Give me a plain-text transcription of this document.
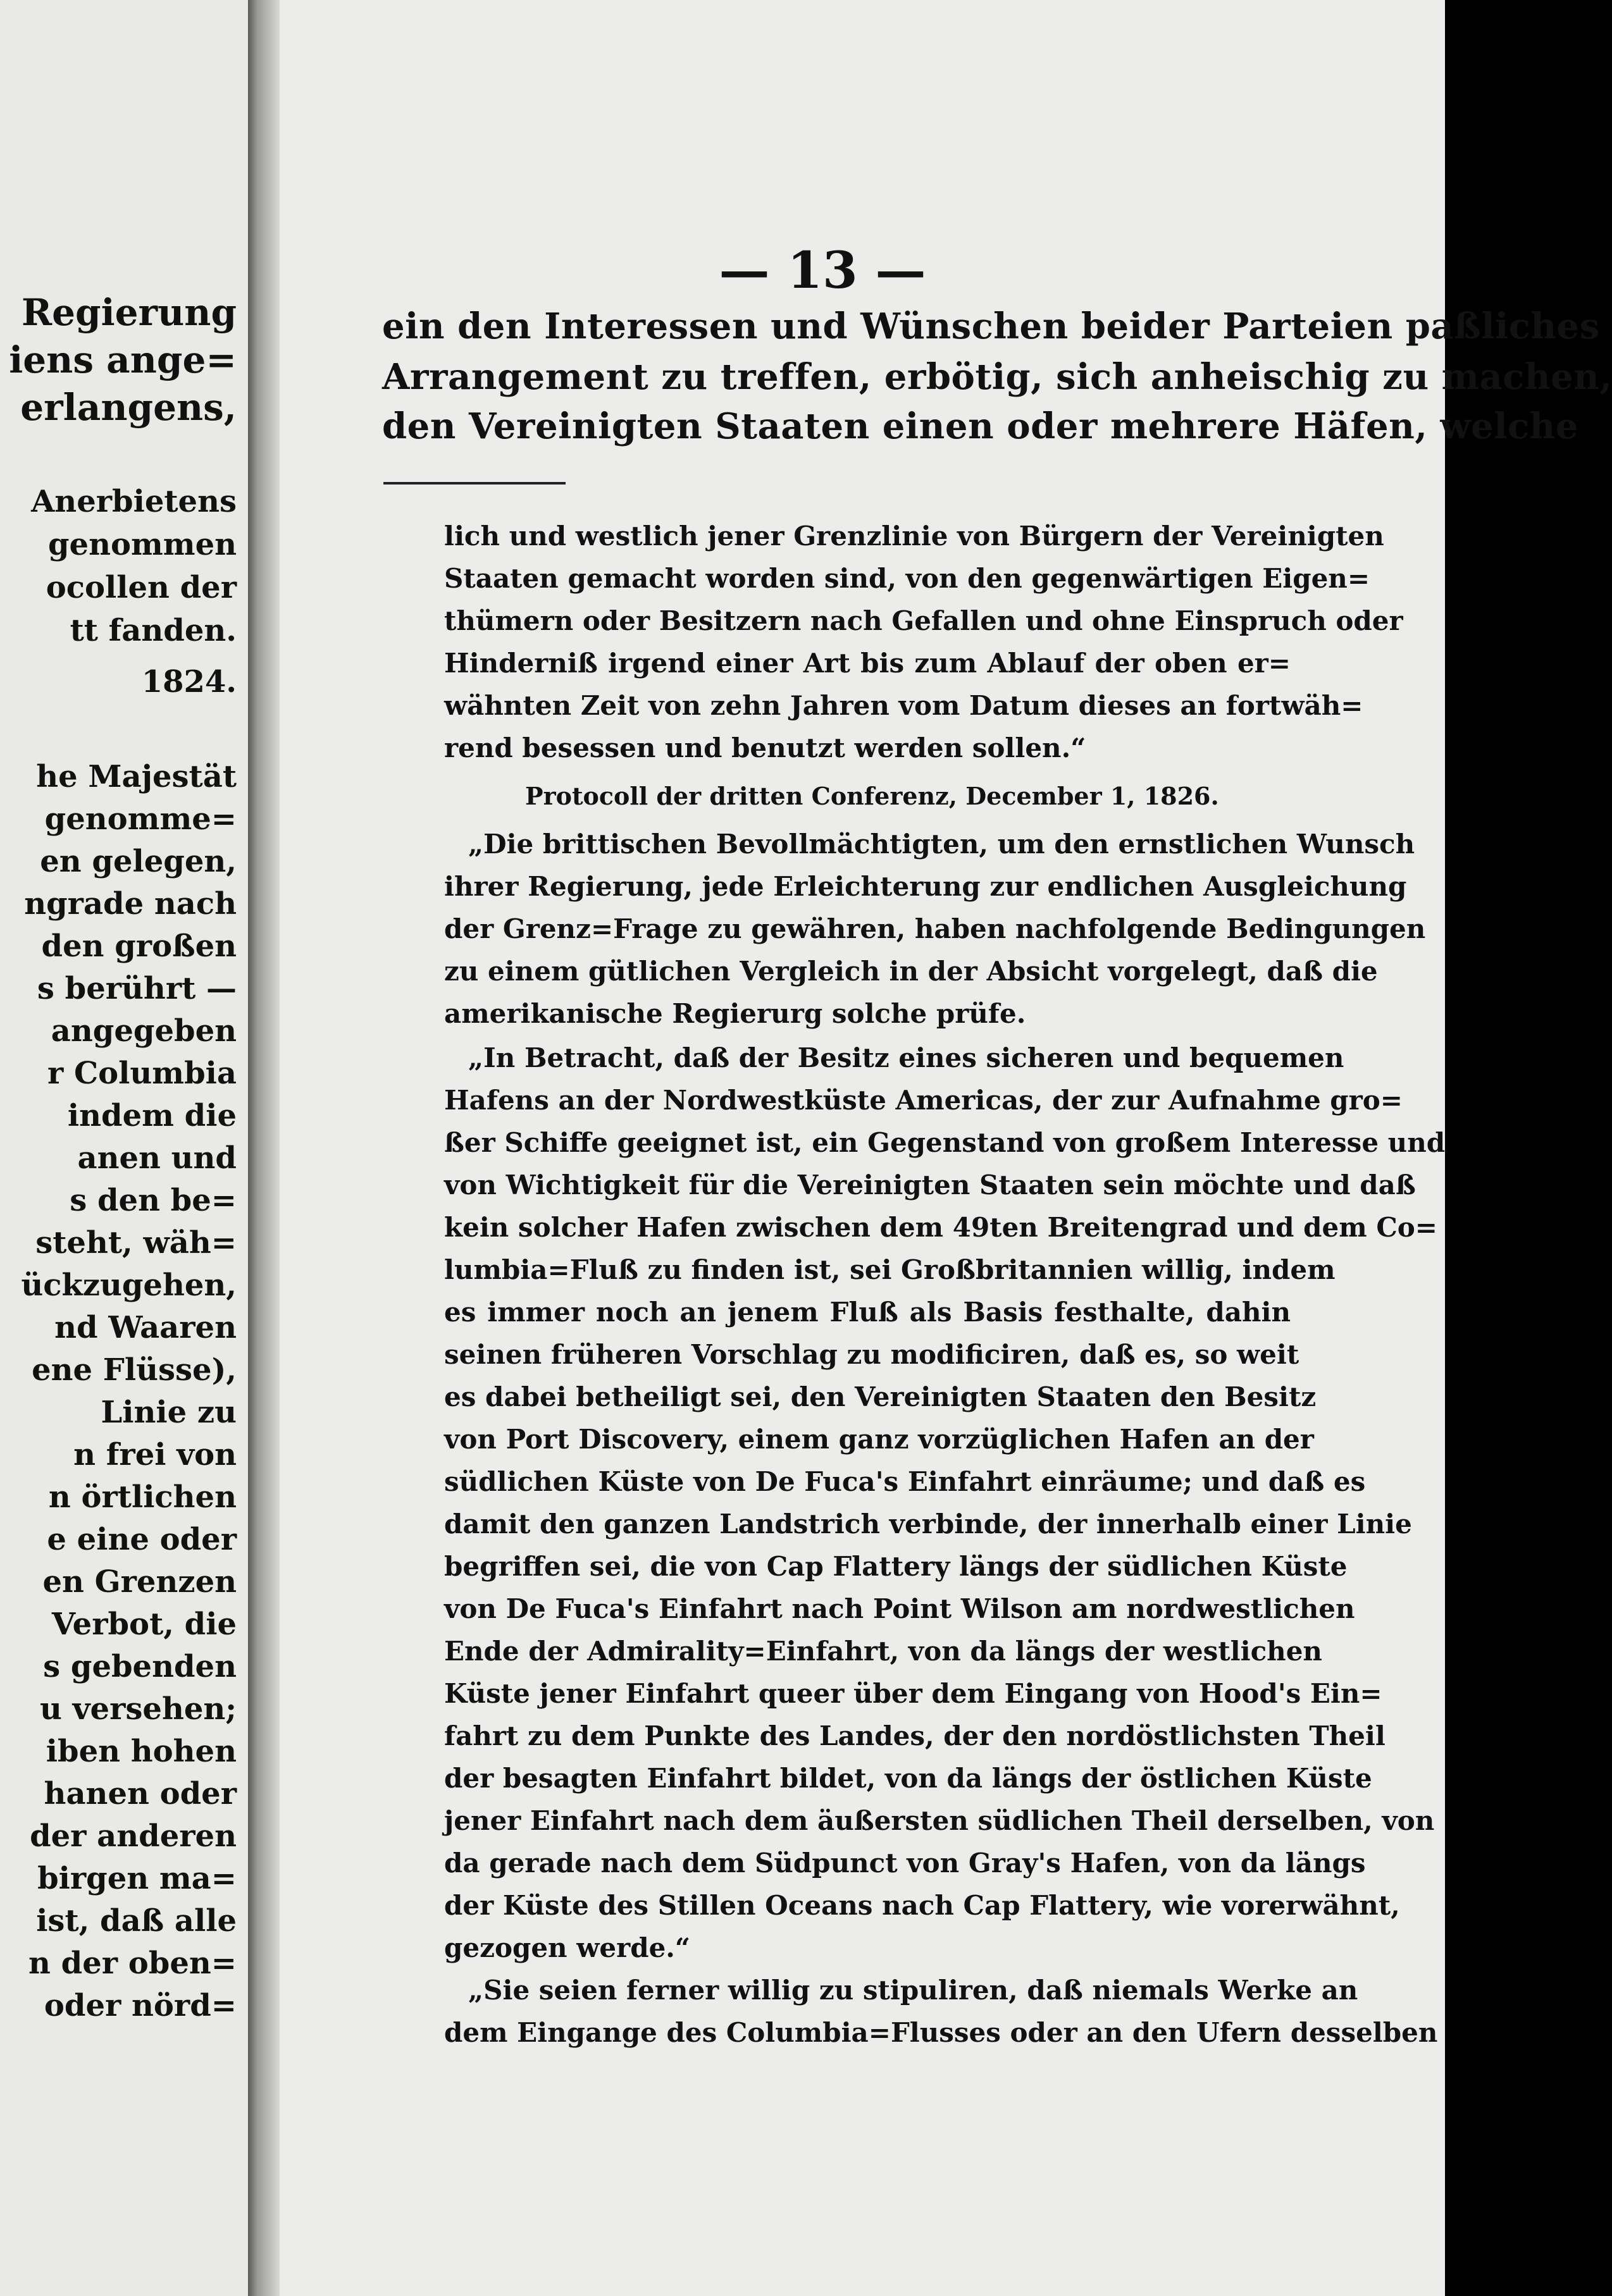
Regierung
iens ange=
erlangens,
Anerbietens
genommen
ocollen der
tt fanden.
1824.
he Majestät
genomme=
en gelegen,
ngrade nach
den großen
s berührt —
angegeben
r Columbia
indem die
anen und
s den be=
steht, wäh=
ückzugehen,
nd Waaren
ene Flüsse),
Linie zu
n frei von
n örtlichen
e eine oder
en Grenzen
Verbot, die
s gebenden
u versehen;
iben hohen
hanen oder
der anderen
birgen ma=
ist, daß alle
n der oben=
oder nörd=
— 13 —
ein den Interessen und Wünschen beider Parteien paßliches
Arrangement zu treffen, erbötig, sich anheischig zu machen,
den Vereinigten Staaten einen oder mehrere Häfen, welche
lich und westlich jener Grenzlinie von Bürgern der Vereinigten
Staaten gemacht worden sind, von den gegenwärtigen Eigen=
thümern oder Besitzern nach Gefallen und ohne Einspruch oder
Hinderniß irgend einer Art bis zum Ablauf der oben er=
wähnten Zeit von zehn Jahren vom Datum dieses an fortwäh=
rend besessen und benutzt werden sollen.“
Protocoll der dritten Conferenz, December 1, 1826.
„Die brittischen Bevollmächtigten, um den ernstlichen Wunsch
ihrer Regierung, jede Erleichterung zur endlichen Ausgleichung
der Grenz=Frage zu gewähren, haben nachfolgende Bedingungen
zu einem gütlichen Vergleich in der Absicht vorgelegt, daß die
amerikanische Regierurg solche prüfe.
„In Betracht, daß der Besitz eines sicheren und bequemen
Hafens an der Nordwestküste Americas, der zur Aufnahme gro=
ßer Schiffe geeignet ist, ein Gegenstand von großem Interesse und
von Wichtigkeit für die Vereinigten Staaten sein möchte und daß
kein solcher Hafen zwischen dem 49ten Breitengrad und dem Co=
lumbia=Fluß zu finden ist, sei Großbritannien willig, indem
es immer noch an jenem Fluß als Basis festhalte, dahin
seinen früheren Vorschlag zu modificiren, daß es, so weit
es dabei betheiligt sei, den Vereinigten Staaten den Besitz
von Port Discovery, einem ganz vorzüglichen Hafen an der
südlichen Küste von De Fuca's Einfahrt einräume; und daß es
damit den ganzen Landstrich verbinde, der innerhalb einer Linie
begriffen sei, die von Cap Flattery längs der südlichen Küste
von De Fuca's Einfahrt nach Point Wilson am nordwestlichen
Ende der Admirality=Einfahrt, von da längs der westlichen
Küste jener Einfahrt queer über dem Eingang von Hood's Ein=
fahrt zu dem Punkte des Landes, der den nordöstlichsten Theil
der besagten Einfahrt bildet, von da längs der östlichen Küste
jener Einfahrt nach dem äußersten südlichen Theil derselben, von
da gerade nach dem Südpunct von Gray's Hafen, von da längs
der Küste des Stillen Oceans nach Cap Flattery, wie vorerwähnt,
gezogen werde.“
„Sie seien ferner willig zu stipuliren, daß niemals Werke an
dem Eingange des Columbia=Flusses oder an den Ufern desselben
